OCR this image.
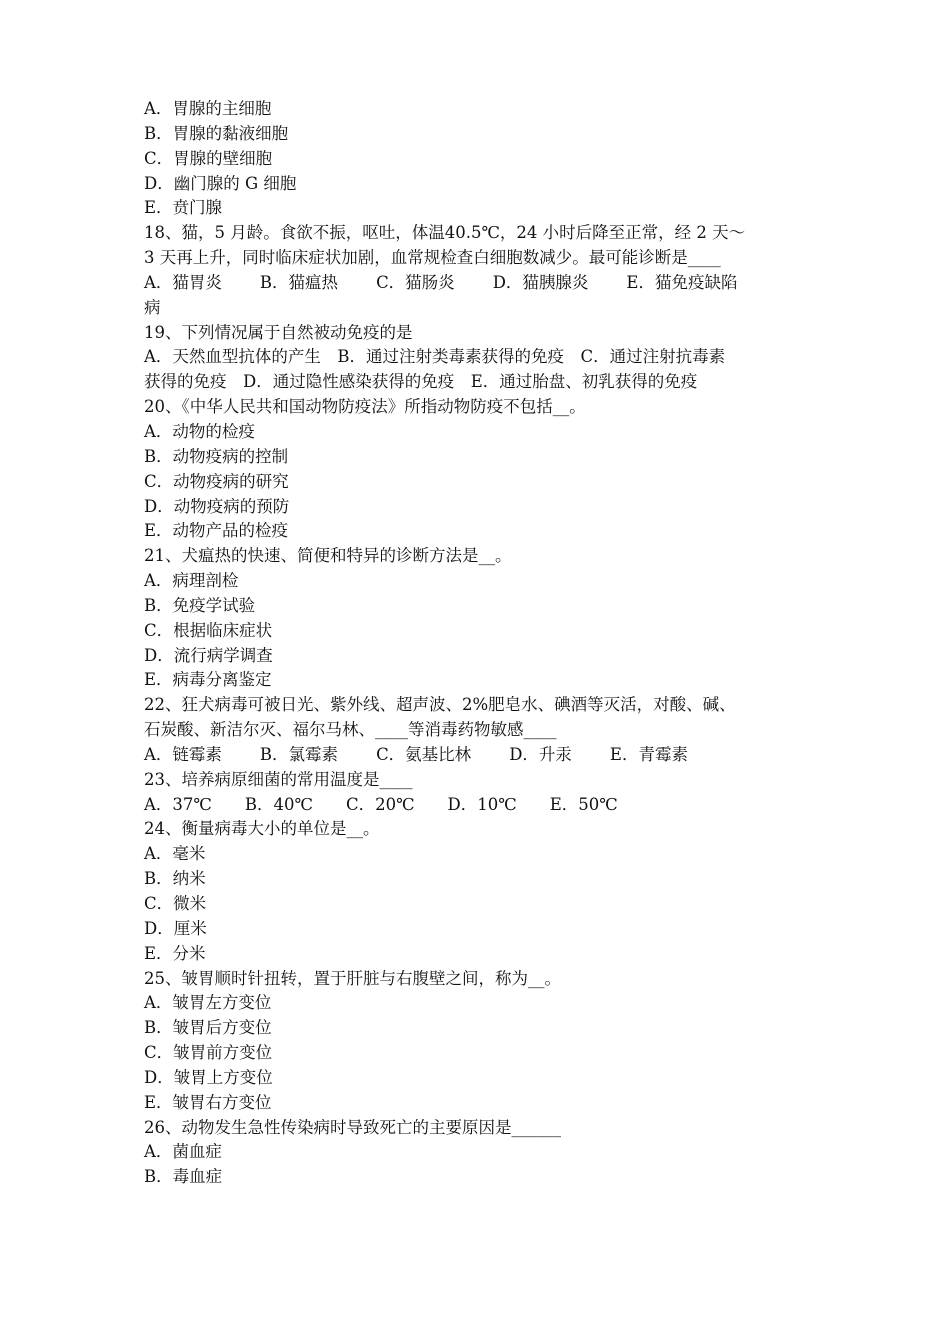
A．胃腺的主细胞
B．胃腺的黏液细胞
C．胃腺的壁细胞
D．幽门腺的 G 细胞
E．贲门腺
18、猫，5 月龄。食欲不振，呕吐，体温40.5℃，24 小时后降至正常，经 2 天～
3 天再上升，同时临床症状加剧，血常规检查白细胞数减少。最可能诊断是____
A．猫胃炎 B．猫瘟热 C．猫肠炎 D．猫胰腺炎 E．猫免疫缺陷
病
19、下列情况属于自然被动免疫的是
A．天然血型抗体的产生　B．通过注射类毒素获得的免疫　C．通过注射抗毒素
获得的免疫　D．通过隐性感染获得的免疫　E．通过胎盘、初乳获得的免疫
20、《中华人民共和国动物防疫法》所指动物防疫不包括__。
A．动物的检疫
B．动物疫病的控制
C．动物疫病的研究
D．动物疫病的预防
E．动物产品的检疫
21、犬瘟热的快速、简便和特异的诊断方法是__。
A．病理剖检
B．免疫学试验
C．根据临床症状
D．流行病学调查
E．病毒分离鉴定
22、狂犬病毒可被日光、紫外线、超声波、2%肥皂水、碘酒等灭活，对酸、碱、
石炭酸、新洁尔灭、福尔马林、____等消毒药物敏感____
A．链霉素 B．氯霉素 C．氨基比林 D．升汞 E．青霉素
23、培养病原细菌的常用温度是____
A．37℃ B．40℃ C．20℃ D．10℃ E．50℃
24、衡量病毒大小的单位是__。
A．毫米
B．纳米
C．微米
D．厘米
E．分米
25、皱胃顺时针扭转，置于肝脏与右腹壁之间，称为__。
A．皱胃左方变位
B．皱胃后方变位
C．皱胃前方变位
D．皱胃上方变位
E．皱胃右方变位
26、动物发生急性传染病时导致死亡的主要原因是______
A．菌血症
B．毒血症
